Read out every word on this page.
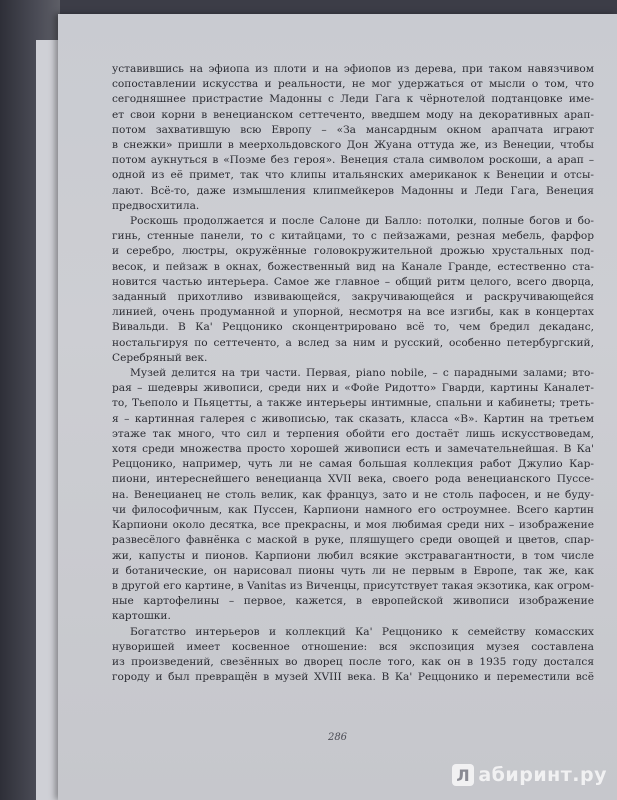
уставившись на эфиопа из плоти и на эфиопов из дерева, при таком навязчивом
сопоставлении искусства и реальности, не мог удержаться от мысли о том, что
сегодняшнее пристрастие Мадонны с Леди Гага к чёрнотелой подтанцовке име-
ет свои корни в венецианском сеттеченто, введшем моду на декоративных арап-
потом захватившую всю Европу – «За мансардным окном арапчата играют
в снежки» пришли в меерхольдовского Дон Жуана оттуда же, из Венеции, чтобы
потом аукнуться в «Поэме без героя». Венеция стала символом роскоши, а арап –
одной из её примет, так что клипы итальянских американок к Венеции и отсы-
лают. Всё-то, даже измышления клипмейкеров Мадонны и Леди Гага, Венеция
предвосхитила.
Роскошь продолжается и после Салоне ди Балло: потолки, полные богов и бо-
гинь, стенные панели, то с китайцами, то с пейзажами, резная мебель, фарфор
и серебро, люстры, окружённые головокружительной дрожью хрустальных под-
весок, и пейзаж в окнах, божественный вид на Канале Гранде, естественно ста-
новится частью интерьера. Самое же главное – общий ритм целого, всего дворца,
заданный прихотливо извивающейся, закручивающейся и раскручивающейся
линией, очень продуманной и упорной, несмотря на все изгибы, как в концертах
Вивальди. В Ка' Реццонико сконцентрировано всё то, чем бредил декаданс,
ностальгируя по сеттеченто, а вслед за ним и русский, особенно петербургский,
Серебряный век.
Музей делится на три части. Первая, piano nobile, – с парадными залами; вто-
рая – шедевры живописи, среди них и «Фойе Ридотто» Гварди, картины Каналет-
то, Тьеполо и Пьяцетты, а также интерьеры интимные, спальни и кабинеты; треть-
я – картинная галерея с живописью, так сказать, класса «В». Картин на третьем
этаже так много, что сил и терпения обойти его достаёт лишь искусствоведам,
хотя среди множества просто хорошей живописи есть и замечательнейшая. В Ка'
Реццонико, например, чуть ли не самая большая коллекция работ Джулио Кар-
пиони, интереснейшего венецианца XVII века, своего рода венецианского Пуссе-
на. Венецианец не столь велик, как француз, зато и не столь пафосен, и не буду-
чи философичным, как Пуссен, Карпиони намного его остроумнее. Всего картин
Карпиони около десятка, все прекрасны, и моя любимая среди них – изображение
развесёлого фавнёнка с маской в руке, пляшущего среди овощей и цветов, спар-
жи, капусты и пионов. Карпиони любил всякие экстравагантности, в том числе
и ботанические, он нарисовал пионы чуть ли не первым в Европе, так же, как
в другой его картине, в Vanitas из Виченцы, присутствует такая экзотика, как огром-
ные картофелины – первое, кажется, в европейской живописи изображение
картошки.
Богатство интерьеров и коллекций Ка' Реццонико к семейству комасских
нуворишей имеет косвенное отношение: вся экспозиция музея составлена
из произведений, свезённых во дворец после того, как он в 1935 году достался
городу и был превращён в музей XVIII века. В Ка' Реццонико и переместили всё
286
Л абиринт.ру
